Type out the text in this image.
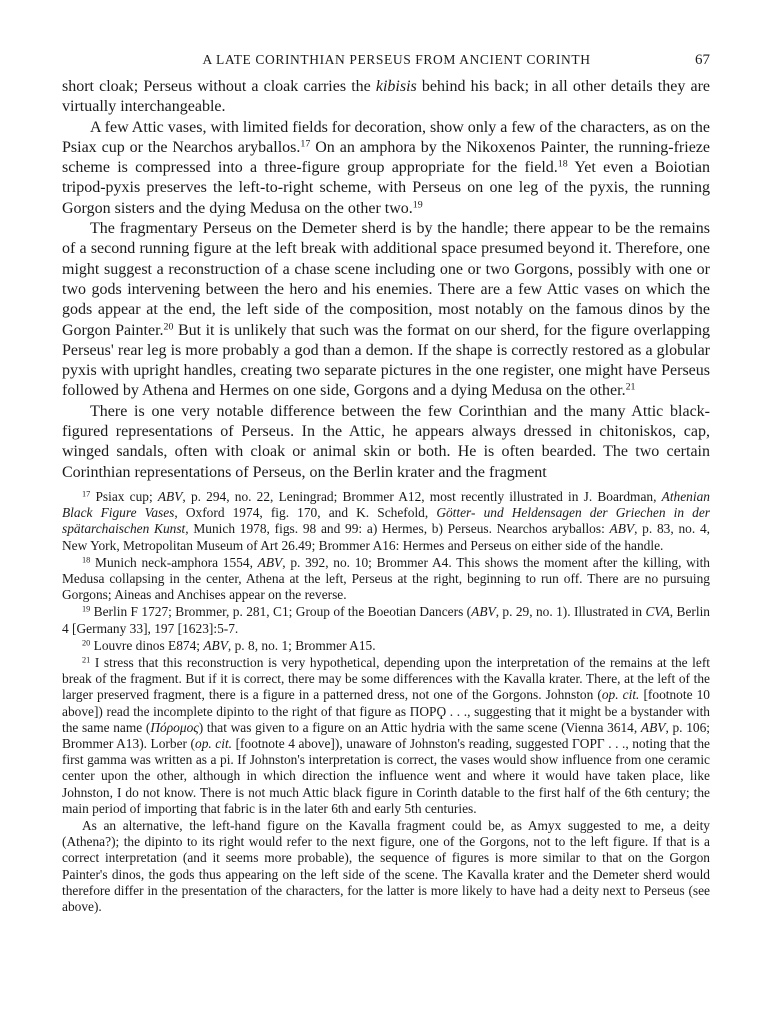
A LATE CORINTHIAN PERSEUS FROM ANCIENT CORINTH	67

short cloak; Perseus without a cloak carries the kibisis behind his back; in all other details they are virtually interchangeable.

A few Attic vases, with limited fields for decoration, show only a few of the characters, as on the Psiax cup or the Nearchos aryballos.$^{17}$ On an amphora by the Nikoxenos Painter, the running-frieze scheme is compressed into a three-figure group appropriate for the field.$^{18}$ Yet even a Boiotian tripod-pyxis preserves the left-to-right scheme, with Perseus on one leg of the pyxis, the running Gorgon sisters and the dying Medusa on the other two.$^{19}$

The fragmentary Perseus on the Demeter sherd is by the handle; there appear to be the remains of a second running figure at the left break with additional space presumed beyond it. Therefore, one might suggest a reconstruction of a chase scene including one or two Gorgons, possibly with one or two gods intervening between the hero and his enemies. There are a few Attic vases on which the gods appear at the end, the left side of the composition, most notably on the famous dinos by the Gorgon Painter.$^{20}$ But it is unlikely that such was the format on our sherd, for the figure overlapping Perseus' rear leg is more probably a god than a demon. If the shape is correctly restored as a globular pyxis with upright handles, creating two separate pictures in the one register, one might have Perseus followed by Athena and Hermes on one side, Gorgons and a dying Medusa on the other.$^{21}$

There is one very notable difference between the few Corinthian and the many Attic black-figured representations of Perseus. In the Attic, he appears always dressed in chitoniskos, cap, winged sandals, often with cloak or animal skin or both. He is often bearded. The two certain Corinthian representations of Perseus, on the Berlin krater and the fragment

$^{17}$ Psiax cup; ABV, p. 294, no. 22, Leningrad; Brommer A12, most recently illustrated in J. Boardman, Athenian Black Figure Vases, Oxford 1974, fig. 170, and K. Schefold, Götter- und Heldensagen der Griechen in der spätarchaischen Kunst, Munich 1978, figs. 98 and 99: a) Hermes, b) Perseus. Nearchos aryballos: ABV, p. 83, no. 4, New York, Metropolitan Museum of Art 26.49; Brommer A16: Hermes and Perseus on either side of the handle.

$^{18}$ Munich neck-amphora 1554, ABV, p. 392, no. 10; Brommer A4. This shows the moment after the killing, with Medusa collapsing in the center, Athena at the left, Perseus at the right, beginning to run off. There are no pursuing Gorgons; Aineas and Anchises appear on the reverse.

$^{19}$ Berlin F 1727; Brommer, p. 281, C1; Group of the Boeotian Dancers (ABV, p. 29, no. 1). Illustrated in CVA, Berlin 4 [Germany 33], 197 [1623]:5-7.

$^{20}$ Louvre dinos E874; ABV, p. 8, no. 1; Brommer A15.

$^{21}$ I stress that this reconstruction is very hypothetical, depending upon the interpretation of the remains at the left break of the fragment. But if it is correct, there may be some differences with the Kavalla krater. There, at the left of the larger preserved fragment, there is a figure in a patterned dress, not one of the Gorgons. Johnston (op. cit. [footnote 10 above]) read the incomplete dipinto to the right of that figure as ΠΟΡϘ . . ., suggesting that it might be a bystander with the same name (Πόρομος) that was given to a figure on an Attic hydria with the same scene (Vienna 3614, ABV, p. 106; Brommer A13). Lorber (op. cit. [footnote 4 above]), unaware of Johnston's reading, suggested ΓΟΡΓ . . ., noting that the first gamma was written as a pi. If Johnston's interpretation is correct, the vases would show influence from one ceramic center upon the other, although in which direction the influence went and where it would have taken place, like Johnston, I do not know. There is not much Attic black figure in Corinth datable to the first half of the 6th century; the main period of importing that fabric is in the later 6th and early 5th centuries.

As an alternative, the left-hand figure on the Kavalla fragment could be, as Amyx suggested to me, a deity (Athena?); the dipinto to its right would refer to the next figure, one of the Gorgons, not to the left figure. If that is a correct interpretation (and it seems more probable), the sequence of figures is more similar to that on the Gorgon Painter's dinos, the gods thus appearing on the left side of the scene. The Kavalla krater and the Demeter sherd would therefore differ in the presentation of the characters, for the latter is more likely to have had a deity next to Perseus (see above).
